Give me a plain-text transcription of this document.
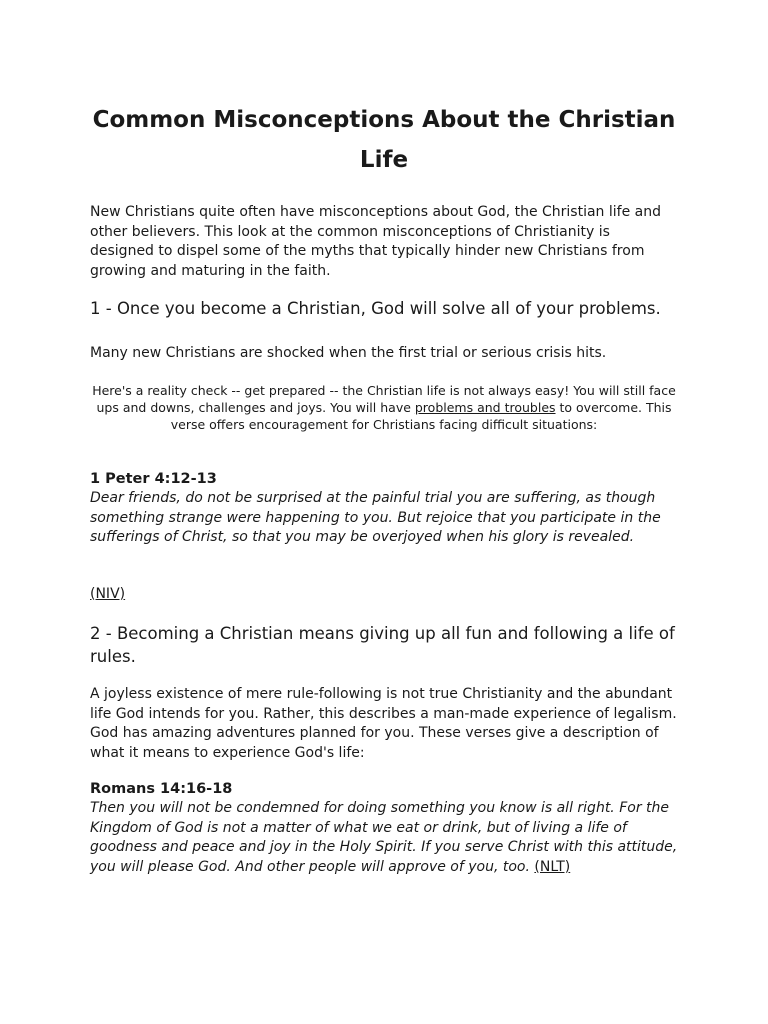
Common Misconceptions About the Christian Life

New Christians quite often have misconceptions about God, the Christian life and other believers. This look at the common misconceptions of Christianity is designed to dispel some of the myths that typically hinder new Christians from growing and maturing in the faith.

1 - Once you become a Christian, God will solve all of your problems.

Many new Christians are shocked when the first trial or serious crisis hits.

Here's a reality check -- get prepared -- the Christian life is not always easy! You will still face ups and downs, challenges and joys. You will have problems and troubles to overcome. This verse offers encouragement for Christians facing difficult situations:

1 Peter 4:12-13

Dear friends, do not be surprised at the painful trial you are suffering, as though something strange were happening to you. But rejoice that you participate in the sufferings of Christ, so that you may be overjoyed when his glory is revealed.

(NIV)
2 - Becoming a Christian means giving up all fun and following a life of rules.

A joyless existence of mere rule-following is not true Christianity and the abundant life God intends for you. Rather, this describes a man-made experience of legalism. God has amazing adventures planned for you. These verses give a description of what it means to experience God's life:

Romans 14:16-18

Then you will not be condemned for doing something you know is all right. For the Kingdom of God is not a matter of what we eat or drink, but of living a life of goodness and peace and joy in the Holy Spirit. If you serve Christ with this attitude, you will please God. And other people will approve of you, too. (NLT)
